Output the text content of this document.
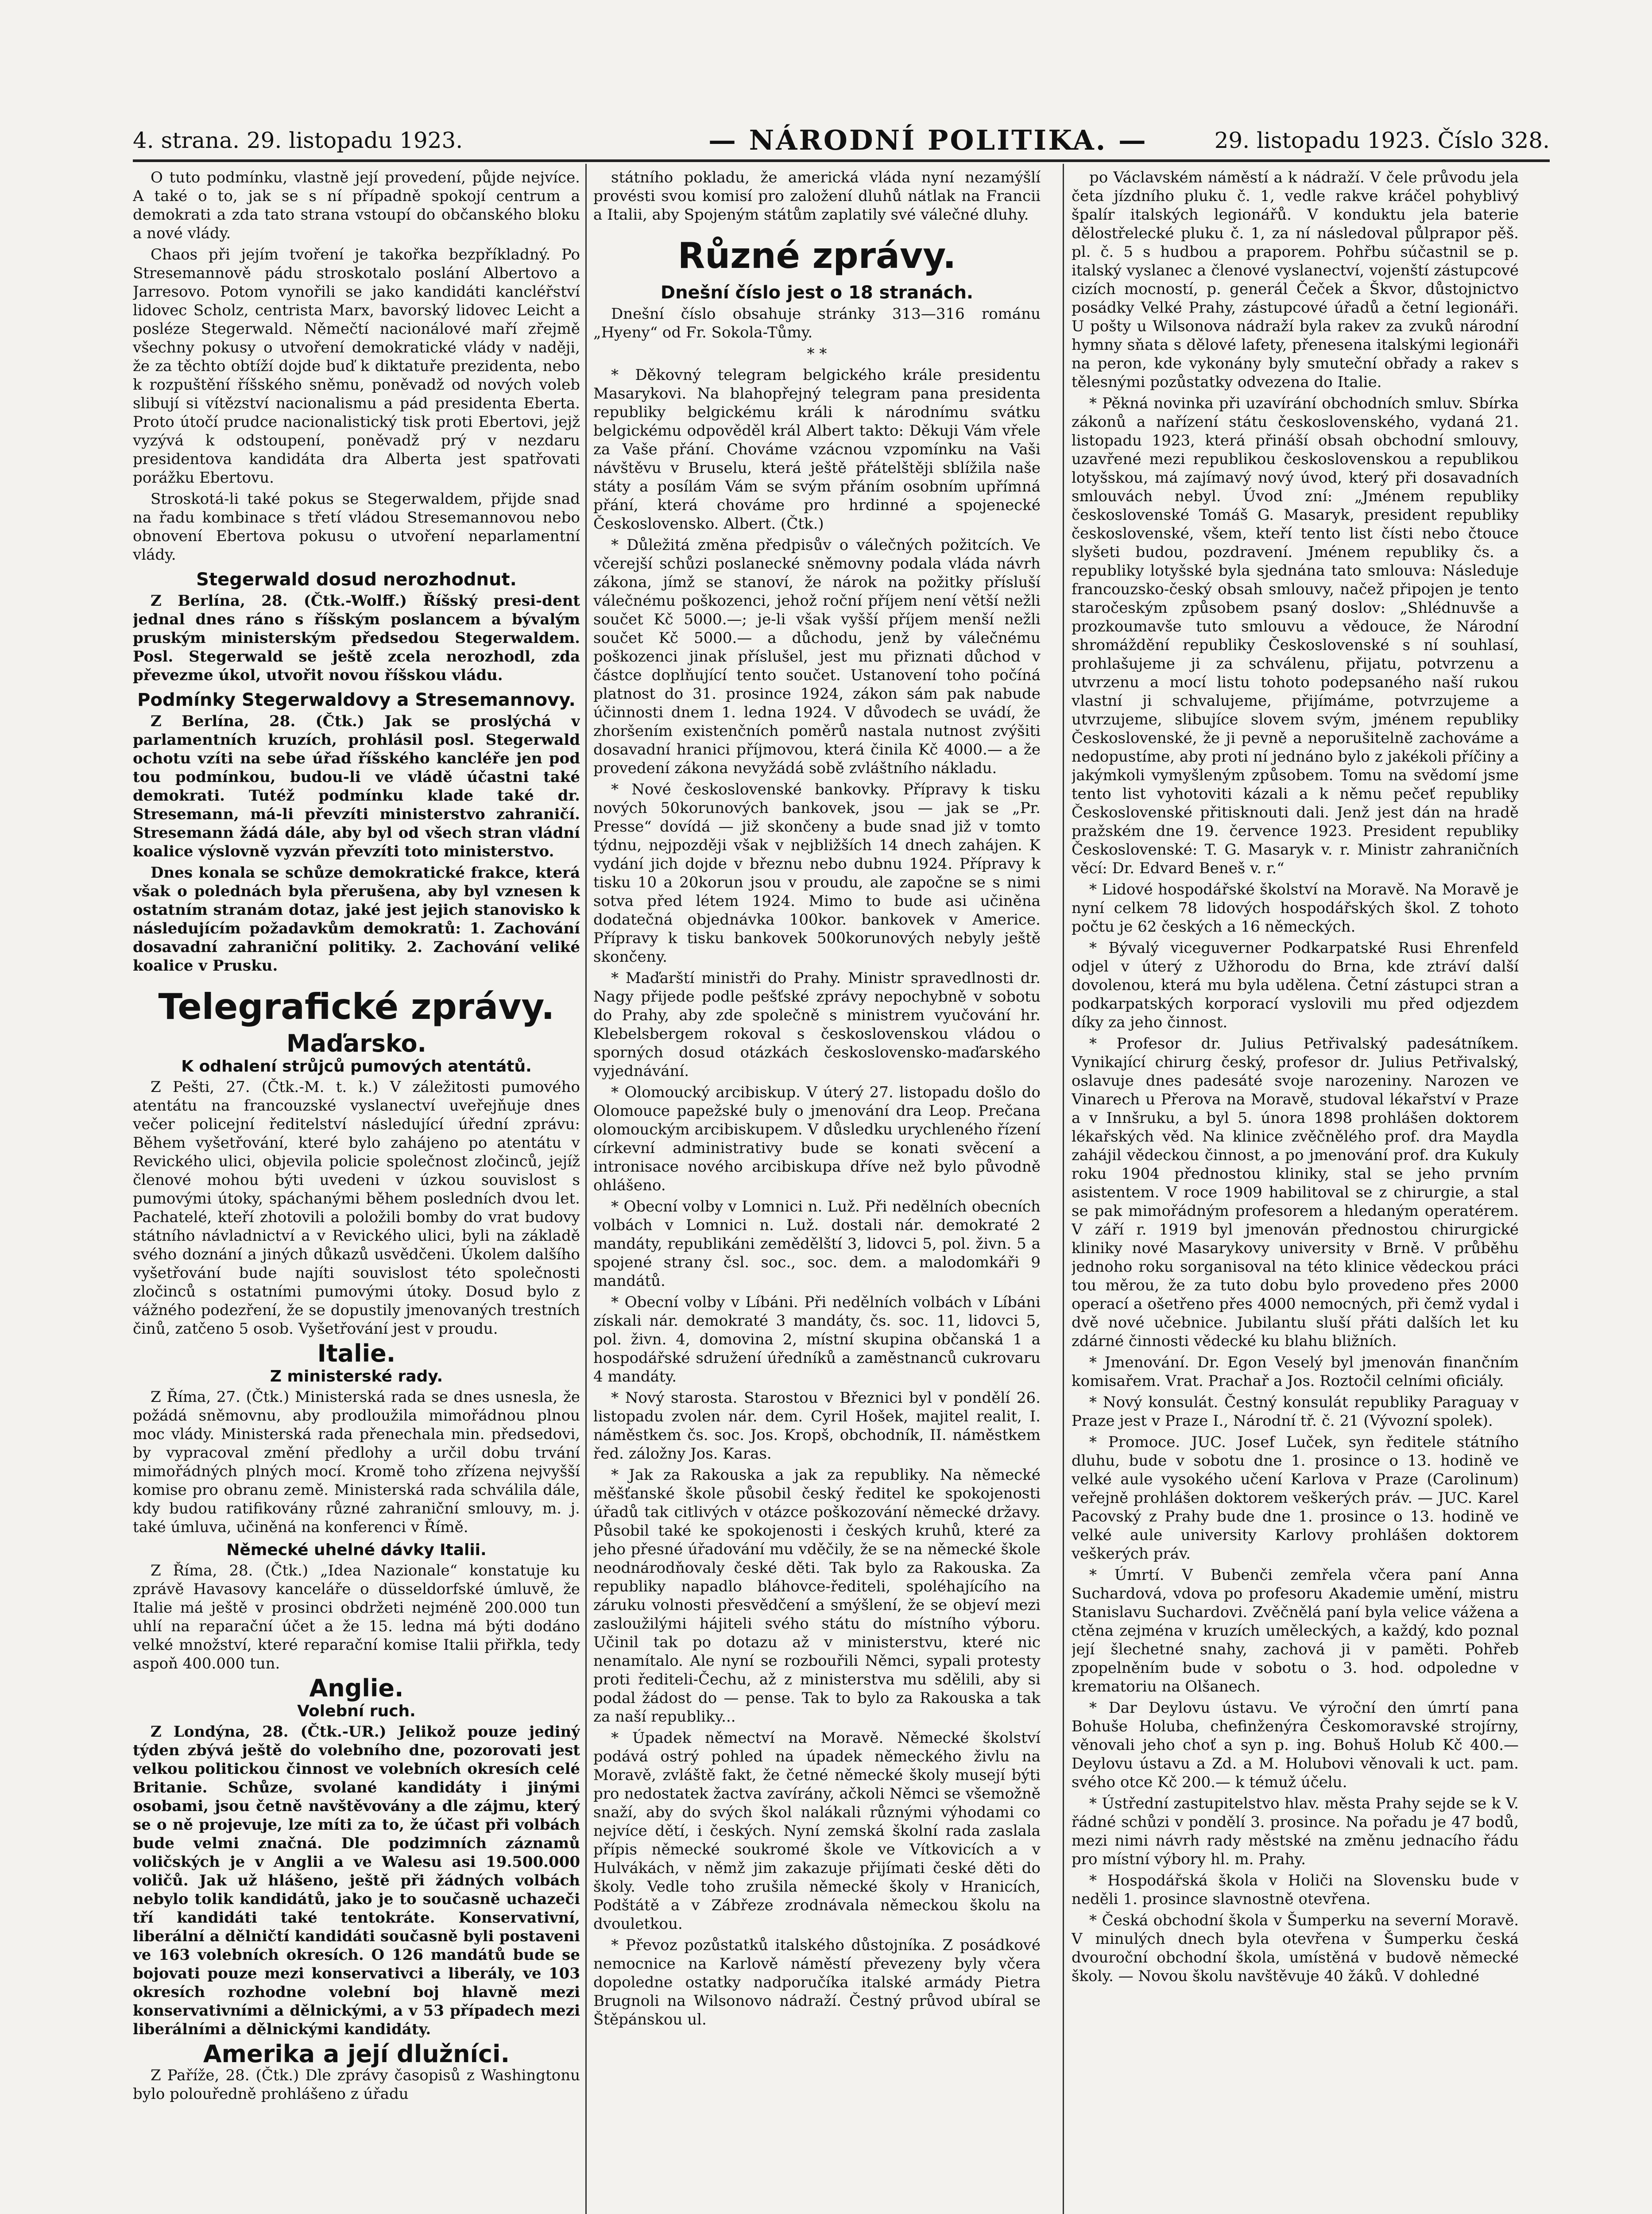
4. strana. 29. listopadu 1923.	— NÁRODNÍ POLITIKA. —	29. listopadu 1923. Číslo 328.

O tuto podmínku, vlastně její provedení, půjde nejvíce. A také o to, jak se s ní případně spokojí centrum a demokrati a zda tato strana vstoupí do občanského bloku a nové vlády.

Chaos při jejím tvoření je takořka bezpříkladný. Po Stresemannově pádu stroskotalo poslání Albertovo a Jarresovo. Potom vynořili se jako kandidáti kancléřství lidovec Scholz, centrista Marx, bavorský lidovec Leicht a posléze Stegerwald. Němečtí nacionálové maří zřejmě všechny pokusy o utvoření demokratické vlády v naději, že za těchto obtíží dojde buď k diktatuře prezidenta, nebo k rozpuštění říšského sněmu, poněvadž od nových voleb slibují si vítězství nacionalismu a pád presidenta Eberta. Proto útočí prudce nacionalistický tisk proti Ebertovi, jejž vyzývá k odstoupení, poněvadž prý v nezdaru presidentova kandidáta dra Alberta jest spatřovati porážku Ebertovu.

Stroskotá-li také pokus se Stegerwaldem, přijde snad na řadu kombinace s třetí vládou Stresemannovou nebo obnovení Ebertova pokusu o utvoření neparlamentní vlády.

Stegerwald dosud nerozhodnut.

Z Berlína, 28. (Čtk.-Wolff.) Říšský presi-dent jednal dnes ráno s říšským poslancem a bývalým pruským ministerským předsedou Stegerwaldem. Posl. Stegerwald se ještě zcela nerozhodl, zda převezme úkol, utvořit novou říšskou vládu.

Podmínky Stegerwaldovy a Stresemannovy.

Z Berlína, 28. (Čtk.) Jak se proslýchá v parlamentních kruzích, prohlásil posl. Stegerwald ochotu vzíti na sebe úřad říšského kancléře jen pod tou podmínkou, budou-li ve vládě účastni také demokrati. Tutéž podmínku klade také dr. Stresemann, má-li převzíti ministerstvo zahraničí. Stresemann žádá dále, aby byl od všech stran vládní koalice výslovně vyzván převzíti toto ministerstvo.

Dnes konala se schůze demokratické frakce, která však o polednách byla přerušena, aby byl vznesen k ostatním stranám dotaz, jaké jest jejich stanovisko k následujícím požadavkům demokratů: 1. Zachování dosavadní zahraniční politiky. 2. Zachování veliké koalice v Prusku.

Telegrafické zprávy.
Maďarsko.
K odhalení strůjců pumových atentátů.

Z Pešti, 27. (Čtk.-M. t. k.) V záležitosti pumového atentátu na francouzské vyslanectví uveřejňuje dnes večer policejní ředitelství následující úřední zprávu: Během vyšetřování, které bylo zahájeno po atentátu v Revického ulici, objevila policie společnost zločinců, jejíž členové mohou býti uvedeni v úzkou souvislost s pumovými útoky, spáchanými během posledních dvou let. Pachatelé, kteří zhotovili a položili bomby do vrat budovy státního návladnictví a v Revického ulici, byli na základě svého doznání a jiných důkazů usvědčeni. Úkolem dalšího vyšetřování bude najíti souvislost této společnosti zločinců s ostatními pumovými útoky. Dosud bylo z vážného podezření, že se dopustily jmenovaných trestních činů, zatčeno 5 osob. Vyšetřování jest v proudu.

Italie.
Z ministerské rady.

Z Říma, 27. (Čtk.) Ministerská rada se dnes usnesla, že požádá sněmovnu, aby prodloužila mimořádnou plnou moc vlády. Ministerská rada přenechala min. předsedovi, by vypracoval změní předlohy a určil dobu trvání mimořádných plných mocí. Kromě toho zřízena nejvyšší komise pro obranu země. Ministerská rada schválila dále, kdy budou ratifikovány různé zahraniční smlouvy, m. j. také úmluva, učiněná na konferenci v Římě.

Německé uhelné dávky Italii.

Z Říma, 28. (Čtk.) „Idea Nazionale“ konstatuje ku zprávě Havasovy kanceláře o düsseldorfské úmluvě, že Italie má ještě v prosinci obdržeti nejméně 200.000 tun uhlí na reparační účet a že 15. ledna má býti dodáno velké množství, které reparační komise Italii přiřkla, tedy aspoň 400.000 tun.

Anglie.
Volební ruch.

Z Londýna, 28. (Čtk.-UR.) Jelikož pouze jediný týden zbývá ještě do volebního dne, pozorovati jest velkou politickou činnost ve volebních okresích celé Britanie. Schůze, svolané kandidáty i jinými osobami, jsou četně navštěvovány a dle zájmu, který se o ně projevuje, lze míti za to, že účast při volbách bude velmi značná. Dle podzimních záznamů voličských je v Anglii a ve Walesu asi 19.500.000 voličů. Jak už hlášeno, ještě při žádných volbách nebylo tolik kandidátů, jako je to současně uchazeči tří kandidáti také tentokráte. Konservativní, liberální a dělničtí kandidáti současně byli postaveni ve 163 volebních okresích. O 126 mandátů bude se bojovati pouze mezi konservativci a liberály, ve 103 okresích rozhodne volební boj hlavně mezi konservativními a dělnickými, a v 53 případech mezi liberálními a dělnickými kandidáty.

Amerika a její dlužníci.

Z Paříže, 28. (Čtk.) Dle zprávy časopisů z Washingtonu bylo polouředně prohlášeno z úřadu

státního pokladu, že americká vláda nyní nezamýšlí provésti svou komisí pro založení dluhů nátlak na Francii a Italii, aby Spojeným státům zaplatily své válečné dluhy.

Různé zprávy.
Dnešní číslo jest o 18 stranách.

Dnešní číslo obsahuje stránky 313—316 románu „Hyeny“ od Fr. Sokola-Tůmy.

* *

* Děkovný telegram belgického krále presidentu Masarykovi. Na blahopřejný telegram pana presidenta republiky belgickému králi k národnímu svátku belgickému odpověděl král Albert takto: Děkuji Vám vřele za Vaše přání. Chováme vzácnou vzpomínku na Vaši návštěvu v Bruselu, která ještě přátelštěji sblížila naše státy a posílám Vám se svým přáním osobním upřímná přání, která chováme pro hrdinné a spojenecké Československo. Albert. (Čtk.)

* Důležitá změna předpisův o válečných požitcích. Ve včerejší schůzi poslanecké sněmovny podala vláda návrh zákona, jímž se stanoví, že nárok na požitky přísluší válečnému poškozenci, jehož roční příjem není větší nežli součet Kč 5000.—; je-li však vyšší příjem menší nežli součet Kč 5000.— a důchodu, jenž by válečnému poškozenci jinak příslušel, jest mu přiznati důchod v částce doplňující tento součet. Ustanovení toho počíná platnost do 31. prosince 1924, zákon sám pak nabude účinnosti dnem 1. ledna 1924. V důvodech se uvádí, že zhoršením existenčních poměrů nastala nutnost zvýšiti dosavadní hranici příjmovou, která činila Kč 4000.— a že provedení zákona nevyžádá sobě zvláštního nákladu.

* Nové československé bankovky. Přípravy k tisku nových 50korunových bankovek, jsou — jak se „Pr. Presse“ dovídá — již skončeny a bude snad již v tomto týdnu, nejpozději však v nejbližších 14 dnech zahájen. K vydání jich dojde v březnu nebo dubnu 1924. Přípravy k tisku 10 a 20korun jsou v proudu, ale započne se s nimi sotva před létem 1924. Mimo to bude asi učiněna dodatečná objednávka 100kor. bankovek v Americe. Přípravy k tisku bankovek 500korunových nebyly ještě skončeny.

* Maďarští ministři do Prahy. Ministr spravedlnosti dr. Nagy přijede podle pešťské zprávy nepochybně v sobotu do Prahy, aby zde společně s ministrem vyučování hr. Klebelsbergem rokoval s československou vládou o sporných dosud otázkách československo-maďarského vyjednávání.

* Olomoucký arcibiskup. V úterý 27. listopadu došlo do Olomouce papežské buly o jmenování dra Leop. Prečana olomouckým arcibiskupem. V důsledku urychleného řízení církevní administrativy bude se konati svěcení a intronisace nového arcibiskupa dříve než bylo původně ohlášeno.

* Obecní volby v Lomnici n. Luž. Při nedělních obecních volbách v Lomnici n. Luž. dostali nár. demokraté 2 mandáty, republikáni zemědělští 3, lidovci 5, pol. živn. 5 a spojené strany čsl. soc., soc. dem. a malodomkáři 9 mandátů.

* Obecní volby v Líbáni. Při nedělních volbách v Líbáni získali nár. demokraté 3 mandáty, čs. soc. 11, lidovci 5, pol. živn. 4, domovina 2, místní skupina občanská 1 a hospodářské sdružení úředníků a zaměstnanců cukrovaru 4 mandáty.

* Nový starosta. Starostou v Březnici byl v pondělí 26. listopadu zvolen nár. dem. Cyril Hošek, majitel realit, I. náměstkem čs. soc. Jos. Kropš, obchodník, II. náměstkem řed. záložny Jos. Karas.

* Jak za Rakouska a jak za republiky. Na německé měšťanské škole působil český ředitel ke spokojenosti úřadů tak citlivých v otázce poškozování německé državy. Působil také ke spokojenosti i českých kruhů, které za jeho přesné úřadování mu vděčily, že se na německé škole neodnárodňovaly české děti. Tak bylo za Rakouska. Za republiky napadlo bláhovce-řediteli, spoléhajícího na záruku volnosti přesvědčení a smýšlení, že se objeví mezi zasloužilými hájiteli svého státu do místního výboru. Učinil tak po dotazu až v ministerstvu, které nic nenamítalo. Ale nyní se rozbouřili Němci, sypali protesty proti řediteli-Čechu, až z ministerstva mu sdělili, aby si podal žádost do — pense. Tak to bylo za Rakouska a tak za naší republiky...

* Úpadek němectví na Moravě. Německé školství podává ostrý pohled na úpadek německého živlu na Moravě, zvláště fakt, že četné německé školy musejí býti pro nedostatek žactva zavírány, ačkoli Němci se všemožně snaží, aby do svých škol nalákali různými výhodami co nejvíce dětí, i českých. Nyní zemská školní rada zaslala přípis německé soukromé škole ve Vítkovicích a v Hulvákách, v němž jim zakazuje přijímati české děti do školy. Vedle toho zrušila německé školy v Hranicích, Podštátě a v Zábřeze zrodnávala německou školu na dvouletkou.

* Převoz pozůstatků italského důstojníka. Z posádkové nemocnice na Karlově náměstí převezeny byly včera dopoledne ostatky nadporučíka italské armády Pietra Brugnoli na Wilsonovo nádraží. Čestný průvod ubíral se Štěpánskou ul.

po Václavském náměstí a k nádraží. V čele průvodu jela četa jízdního pluku č. 1, vedle rakve kráčel pohyblivý špalír italských legionářů. V konduktu jela baterie dělostřelecké pluku č. 1, za ní následoval půlprapor pěš. pl. č. 5 s hudbou a praporem. Pohřbu súčastnil se p. italský vyslanec a členové vyslanectví, vojenští zástupcové cizích mocností, p. generál Čeček a Škvor, důstojnictvo posádky Velké Prahy, zástupcové úřadů a četní legionáři. U pošty u Wilsonova nádraží byla rakev za zvuků národní hymny sňata s dělové lafety, přenesena italskými legionáři na peron, kde vykonány byly smuteční obřady a rakev s tělesnými pozůstatky odvezena do Italie.

* Pěkná novinka při uzavírání obchodních smluv. Sbírka zákonů a nařízení státu československého, vydaná 21. listopadu 1923, která přináší obsah obchodní smlouvy, uzavřené mezi republikou československou a republikou lotyšskou, má zajímavý nový úvod, který při dosavadních smlouvách nebyl. Úvod zní: „Jménem republiky československé Tomáš G. Masaryk, president republiky československé, všem, kteří tento list čísti nebo čtouce slyšeti budou, pozdravení. Jménem republiky čs. a republiky lotyšské byla sjednána tato smlouva: Následuje francouzsko-český obsah smlouvy, načež připojen je tento staročeským způsobem psaný doslov: „Shlédnuvše a prozkoumavše tuto smlouvu a vědouce, že Národní shromáždění republiky Československé s ní souhlasí, prohlašujeme ji za schválenu, přijatu, potvrzenu a utvrzenu a mocí listu tohoto podepsaného naší rukou vlastní ji schvalujeme, přijímáme, potvrzujeme a utvrzujeme, slibujíce slovem svým, jménem republiky Československé, že ji pevně a neporušitelně zachováme a nedopustíme, aby proti ní jednáno bylo z jakékoli příčiny a jakýmkoli vymyšleným způsobem. Tomu na svědomí jsme tento list vyhotoviti kázali a k němu pečeť republiky Československé přitisknouti dali. Jenž jest dán na hradě pražském dne 19. července 1923. President republiky Československé: T. G. Masaryk v. r. Ministr zahraničních věcí: Dr. Edvard Beneš v. r.“

* Lidové hospodářské školství na Moravě. Na Moravě je nyní celkem 78 lidových hospodářských škol. Z tohoto počtu je 62 českých a 16 německých.

* Bývalý viceguverner Podkarpatské Rusi Ehrenfeld odjel v úterý z Užhorodu do Brna, kde ztráví další dovolenou, která mu byla udělena. Četní zástupci stran a podkarpatských korporací vyslovili mu před odjezdem díky za jeho činnost.

* Profesor dr. Julius Petřivalský padesátníkem. Vynikající chirurg český, profesor dr. Julius Petřivalský, oslavuje dnes padesáté svoje narozeniny. Narozen ve Vinarech u Přerova na Moravě, studoval lékařství v Praze a v Innšruku, a byl 5. února 1898 prohlášen doktorem lékařských věd. Na klinice zvěčnělého prof. dra Maydla zahájil vědeckou činnost, a po jmenování prof. dra Kukuly roku 1904 přednostou kliniky, stal se jeho prvním asistentem. V roce 1909 habilitoval se z chirurgie, a stal se pak mimořádným profesorem a hledaným operatérem. V září r. 1919 byl jmenován přednostou chirurgické kliniky nové Masarykovy university v Brně. V průběhu jednoho roku sorganisoval na této klinice vědeckou práci tou měrou, že za tuto dobu bylo provedeno přes 2000 operací a ošetřeno přes 4000 nemocných, při čemž vydal i dvě nové učebnice. Jubilantu sluší přáti dalších let ku zdárné činnosti vědecké ku blahu bližních.

* Jmenování. Dr. Egon Veselý byl jmenován finančním komisařem. Vrat. Prachař a Jos. Roztočil celními oficiály.

* Nový konsulát. Čestný konsulát republiky Paraguay v Praze jest v Praze I., Národní tř. č. 21 (Vývozní spolek).

* Promoce. JUC. Josef Luček, syn ředitele státního dluhu, bude v sobotu dne 1. prosince o 13. hodině ve velké aule vysokého učení Karlova v Praze (Carolinum) veřejně prohlášen doktorem veškerých práv. — JUC. Karel Pacovský z Prahy bude dne 1. prosince o 13. hodině ve velké aule university Karlovy prohlášen doktorem veškerých práv.

* Úmrtí. V Bubenči zemřela včera paní Anna Suchardová, vdova po profesoru Akademie umění, mistru Stanislavu Suchardovi. Zvěčnělá paní byla velice vážena a ctěna zejména v kruzích uměleckých, a každý, kdo poznal její šlechetné snahy, zachová ji v paměti. Pohřeb zpopelněním bude v sobotu o 3. hod. odpoledne v krematoriu na Olšanech.

* Dar Deylovu ústavu. Ve výroční den úmrtí pana Bohuše Holuba, chefinženýra Českomoravské strojírny, věnovali jeho choť a syn p. ing. Bohuš Holub Kč 400.— Deylovu ústavu a Zd. a M. Holubovi věnovali k uct. pam. svého otce Kč 200.— k témuž účelu.

* Ústřední zastupitelstvo hlav. města Prahy sejde se k V. řádné schůzi v pondělí 3. prosince. Na pořadu je 47 bodů, mezi nimi návrh rady městské na změnu jednacího řádu pro místní výbory hl. m. Prahy.

* Hospodářská škola v Holiči na Slovensku bude v neděli 1. prosince slavnostně otevřena.

* Česká obchodní škola v Šumperku na severní Moravě. V minulých dnech byla otevřena v Šumperku česká dvouroční obchodní škola, umístěná v budově německé školy. — Novou školu navštěvuje 40 žáků. V dohledné
